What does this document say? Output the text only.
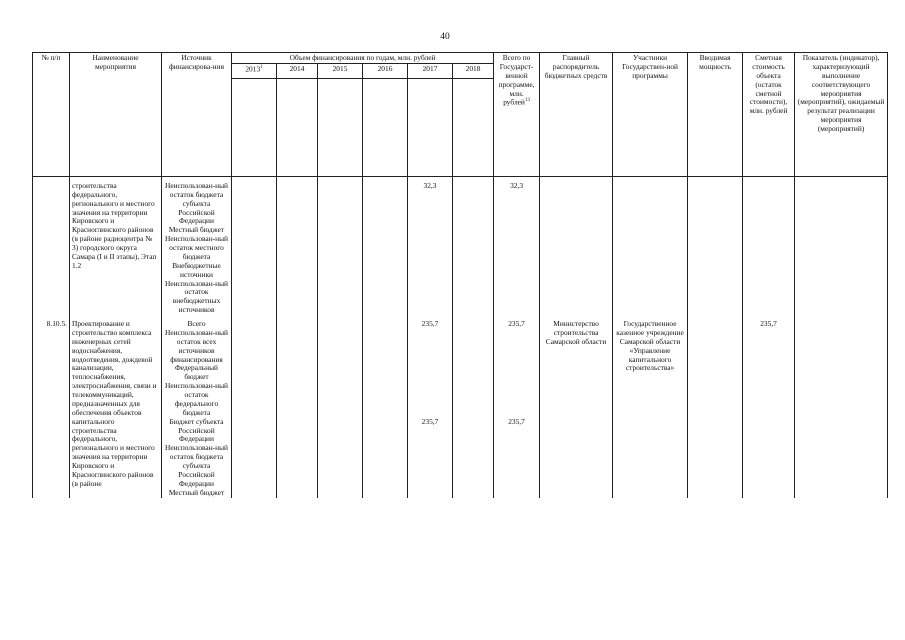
40
№ п/п	Наименование мероприятия	Источник финансирова-ния	Объем финансирования по годам, млн. рублей						Всего по Государст-венной программе, млн. рублей$^{13}$	Главный распорядитель бюджетных средств	Участники Государствен-ной программы	Вводимая мощность	Сметная стоимость объекта (остаток сметной стоимости), млн. рублей	Показатель (индикатор), характеризующий выполнение соответствующего мероприятия (мероприятий), ожидаемый результат реализации мероприятия (мероприятий)
			2013$^1$	2014	2015	2016	2017	2018						

	строительства федерального, регионального и местного значения на территории Кировского и Красноглинского районов (в районе радиоцентра № 3) городского округа Самара (I и II этапы), Этап 1.2	Неиспользован-ный остаток бюджета субъекта Российской Федерации Местный бюджет Неиспользован-ный остаток местного бюджета Внебюджетные источники Неиспользован-ный остаток внебюджетных источников					32,3		32,3					

8.10.5.	Проектирование и строительство комплекса инженерных сетей водоснабжения, водоотведения, дождевой канализации, теплоснабжения, электроснабжения, связи и телекоммуникаций, предназначенных для обеспечения объектов капитального строительства федерального, регионального и местного значения на территории Кировского и Красноглинского районов (в районе	Всего Неиспользован-ный остаток всех источников финансирования Федеральный бюджет Неиспользован-ный остаток федерального бюджета					235,7		235,7	Министерство строительства Самарской области	Государственное казенное учреждение Самарской области «Управление капитального строительства»		235,7	
		Бюджет субъекта Российской Федерации Неиспользован-ный остаток бюджета субъекта Российской Федерации Местный бюджет					235,7		235,7					
